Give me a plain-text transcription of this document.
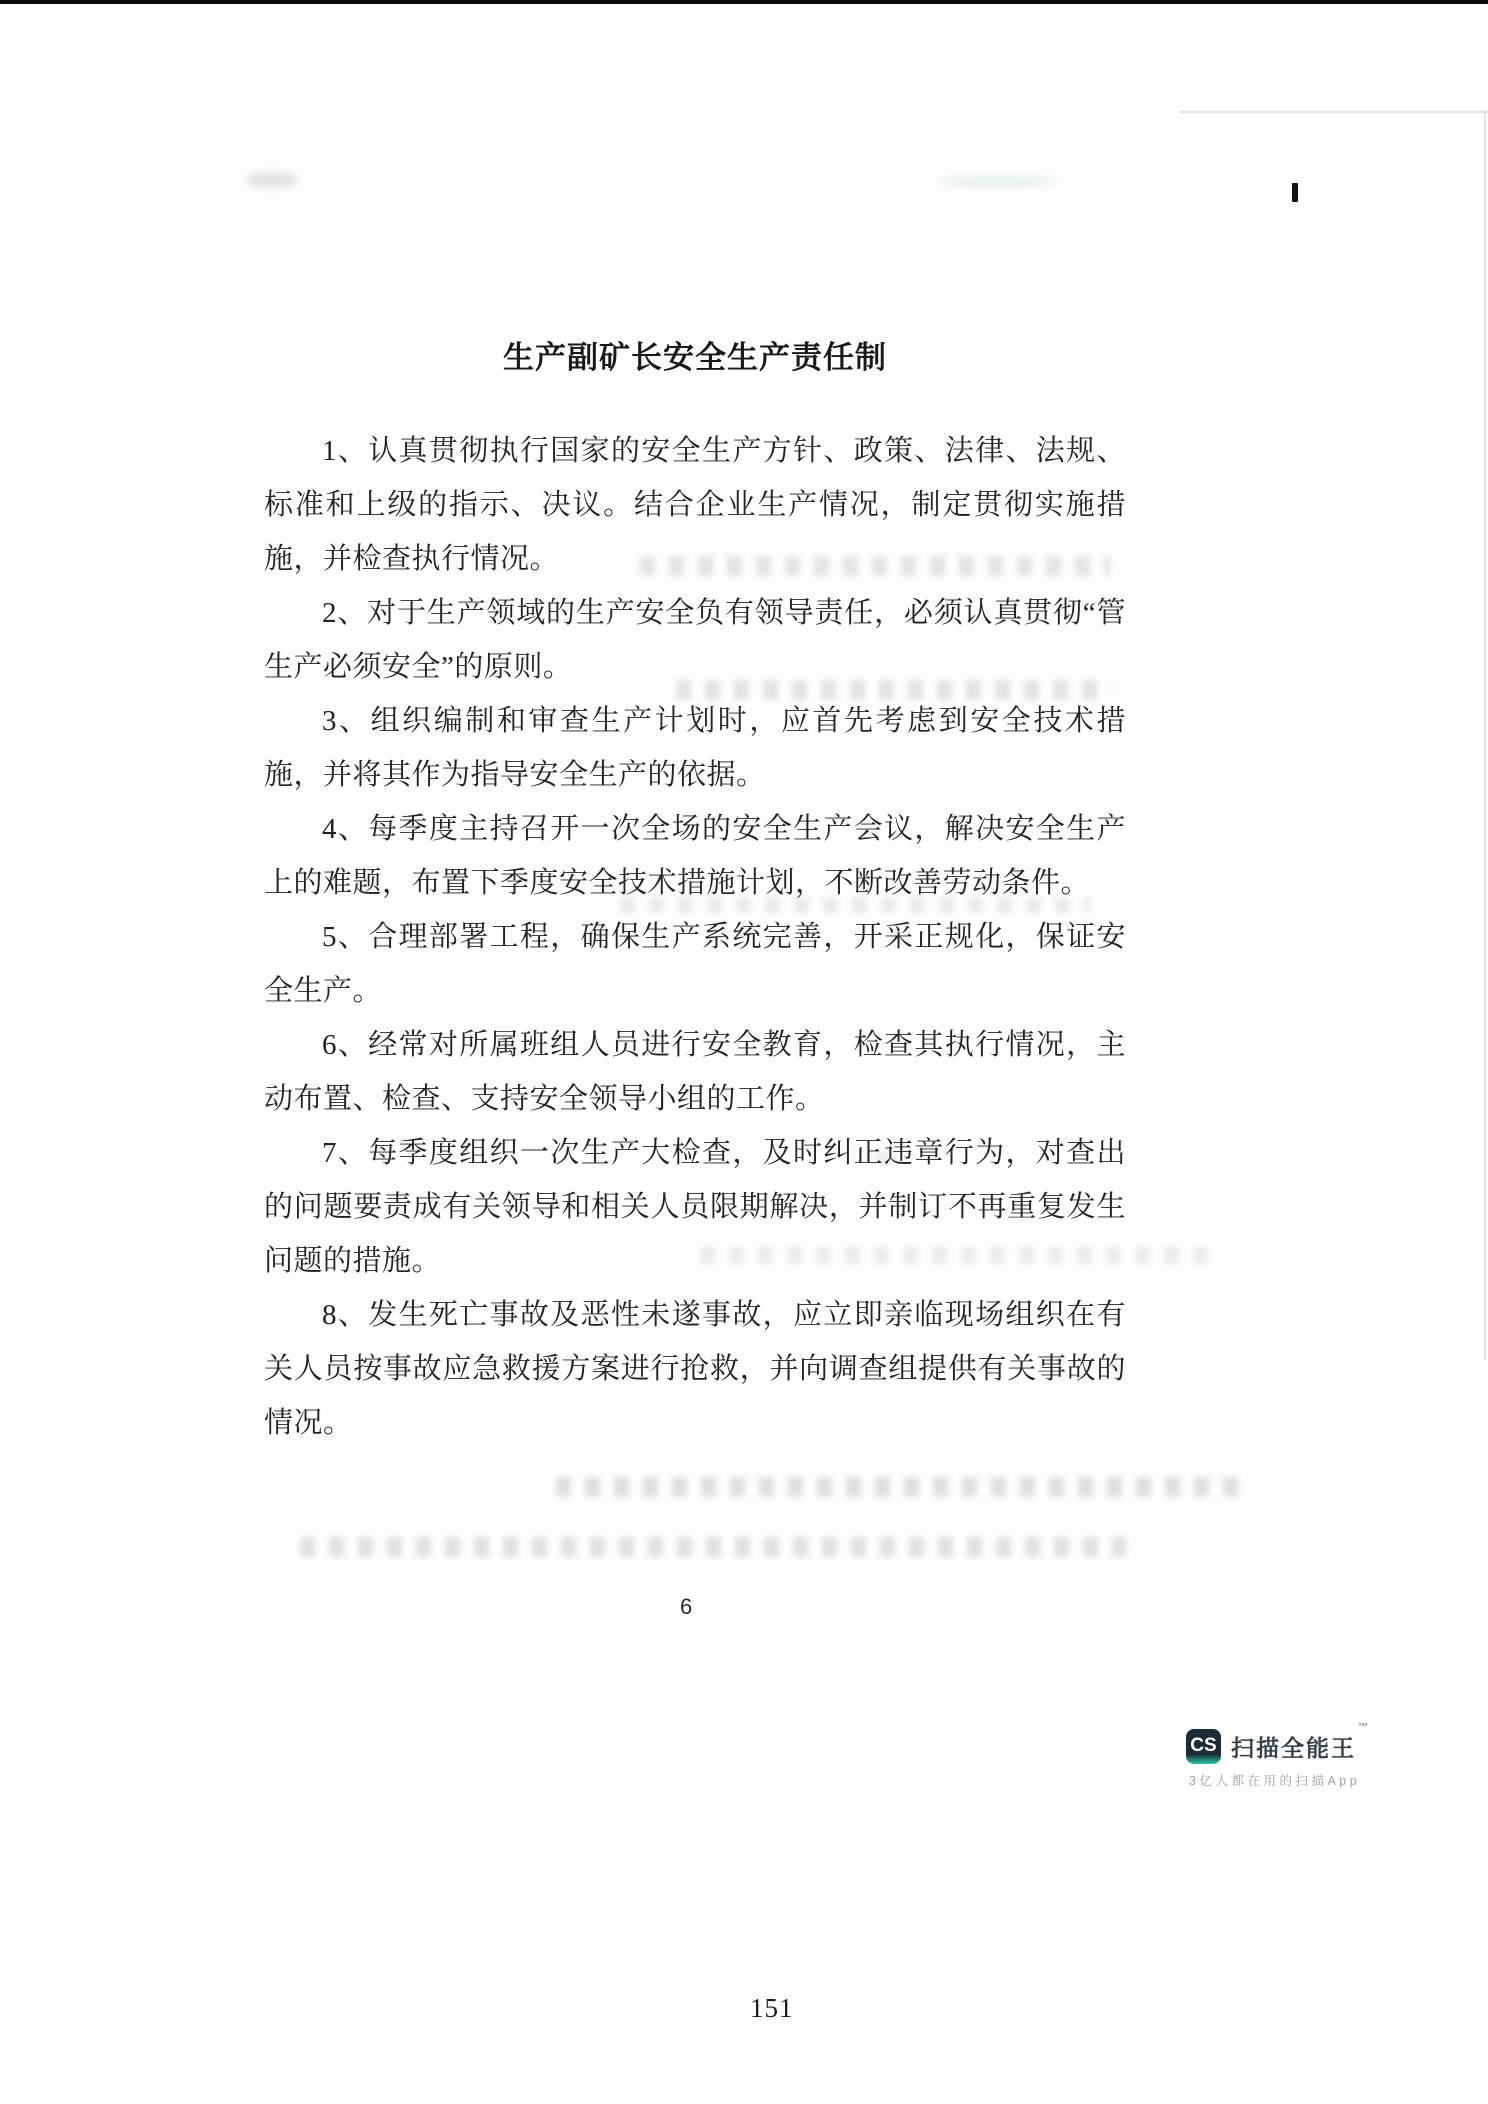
生产副矿长安全生产责任制

1、认真贯彻执行国家的安全生产方针、政策、法律、法规、标准和上级的指示、决议。结合企业生产情况，制定贯彻实施措施，并检查执行情况。

2、对于生产领域的生产安全负有领导责任，必须认真贯彻“管生产必须安全”的原则。

3、组织编制和审查生产计划时，应首先考虑到安全技术措施，并将其作为指导安全生产的依据。

4、每季度主持召开一次全场的安全生产会议，解决安全生产上的难题，布置下季度安全技术措施计划，不断改善劳动条件。

5、合理部署工程，确保生产系统完善，开采正规化，保证安全生产。

6、经常对所属班组人员进行安全教育，检查其执行情况，主动布置、检查、支持安全领导小组的工作。

7、每季度组织一次生产大检查，及时纠正违章行为，对查出的问题要责成有关领导和相关人员限期解决，并制订不再重复发生问题的措施。

8、发生死亡事故及恶性未遂事故，应立即亲临现场组织在有关人员按事故应急救援方案进行抢救，并向调查组提供有关事故的情况。

6
151
CS 扫描全能王™
3亿人都在用的扫描App
